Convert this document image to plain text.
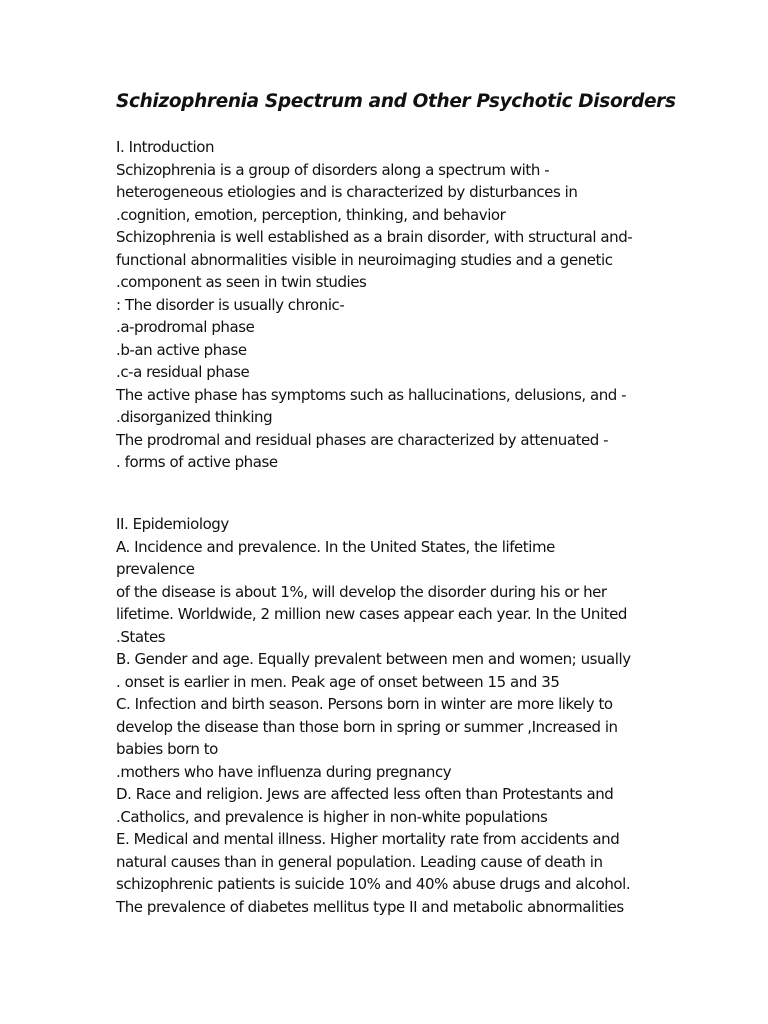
Schizophrenia Spectrum and Other Psychotic Disorders
I. Introduction
Schizophrenia is a group of disorders along a spectrum with -
heterogeneous etiologies and is characterized by disturbances in
.cognition, emotion, perception, thinking, and behavior
Schizophrenia is well established as a brain disorder, with structural and-
functional abnormalities visible in neuroimaging studies and a genetic
.component as seen in twin studies
: The disorder is usually chronic-
.a-prodromal phase
.b-an active phase
.c-a residual phase
The active phase has symptoms such as hallucinations, delusions, and -
.disorganized thinking
The prodromal and residual phases are characterized by attenuated -
. forms of active phase
II. Epidemiology
A. Incidence and prevalence. In the United States, the lifetime
prevalence
of the disease is about 1%, will develop the disorder during his or her
lifetime. Worldwide, 2 million new cases appear each year. In the United
.States
B. Gender and age. Equally prevalent between men and women; usually
. onset is earlier in men. Peak age of onset between 15 and 35
C. Infection and birth season. Persons born in winter are more likely to
develop the disease than those born in spring or summer ,Increased in
babies born to
.mothers who have influenza during pregnancy
D. Race and religion. Jews are affected less often than Protestants and
.Catholics, and prevalence is higher in non-white populations
E. Medical and mental illness. Higher mortality rate from accidents and
natural causes than in general population. Leading cause of death in
schizophrenic patients is suicide 10% and 40% abuse drugs and alcohol.
The prevalence of diabetes mellitus type II and metabolic abnormalities
